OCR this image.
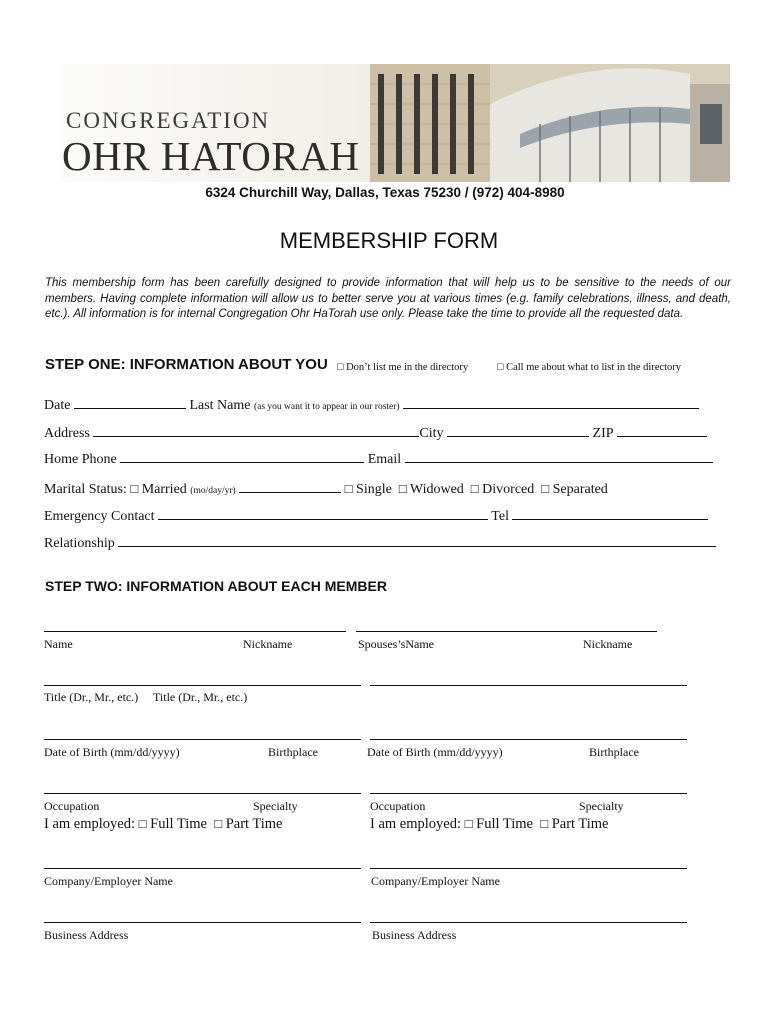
CONGREGATION
OHR HATORAH
6324 Churchill Way, Dallas, Texas 75230 / (972) 404-8980
MEMBERSHIP FORM
This membership form has been carefully designed to provide information that will help us to be sensitive to the needs of our members. Having complete information will allow us to better serve you at various times (e.g. family celebrations, illness, and death, etc.). All information is for internal Congregation Ohr HaTorah use only. Please take the time to provide all the requested data.
STEP ONE: INFORMATION ABOUT YOU □ Don’t list me in the directory	□ Call me about what to list in the directory
Date	Last Name (as you want it to appear in our roster)
Address	City	ZIP
Home Phone	Email
Marital Status: □ Married (mo/day/yr)	□ Single □ Widowed □ Divorced □ Separated
Emergency Contact	Tel
Relationship
STEP TWO: INFORMATION ABOUT EACH MEMBER
Name	Nickname	Spouses’sName	Nickname
Title (Dr., Mr., etc.) Title (Dr., Mr., etc.)
Date of Birth (mm/dd/yyyy)	Birthplace	Date of Birth (mm/dd/yyyy)	Birthplace
Occupation	Specialty	Occupation	Specialty
I am employed: □ Full Time □ Part Time	I am employed: □ Full Time □ Part Time
Company/Employer Name	Company/Employer Name
Business Address	Business Address
